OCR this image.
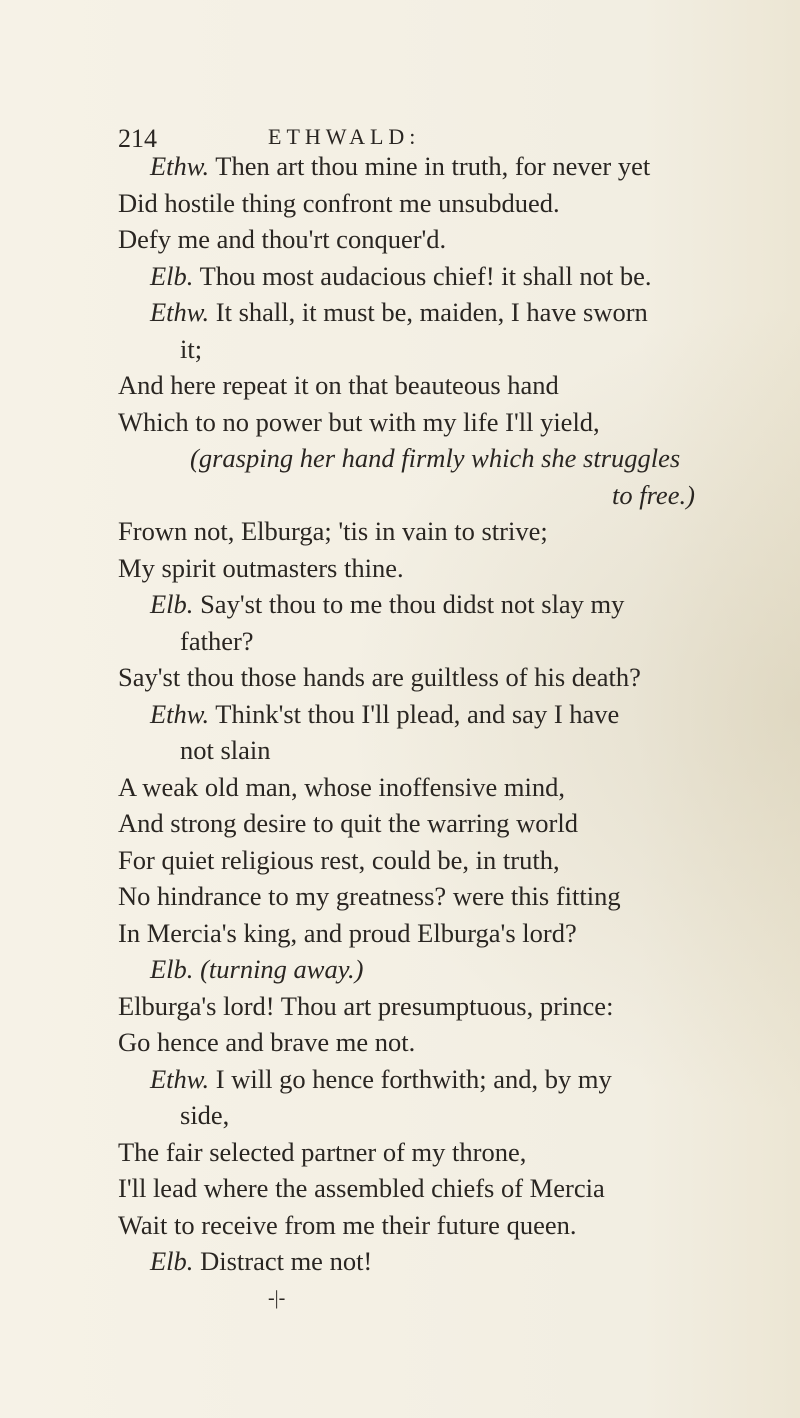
214	ETHWALD:
Ethw. Then art thou mine in truth, for never yet
Did hostile thing confront me unsubdued.
Defy me and thou'rt conquer'd.
Elb. Thou most audacious chief! it shall not be.
Ethw. It shall, it must be, maiden, I have sworn
it;
And here repeat it on that beauteous hand
Which to no power but with my life I'll yield,
(grasping her hand firmly which she struggles
to free.)
Frown not, Elburga; 'tis in vain to strive;
My spirit outmasters thine.
Elb. Say'st thou to me thou didst not slay my
father?
Say'st thou those hands are guiltless of his death?
Ethw. Think'st thou I'll plead, and say I have
not slain
A weak old man, whose inoffensive mind,
And strong desire to quit the warring world
For quiet religious rest, could be, in truth,
No hindrance to my greatness? were this fitting
In Mercia's king, and proud Elburga's lord?
Elb. (turning away.)
Elburga's lord! Thou art presumptuous, prince:
Go hence and brave me not.
Ethw. I will go hence forthwith; and, by my
side,
The fair selected partner of my throne,
I'll lead where the assembled chiefs of Mercia
Wait to receive from me their future queen.
Elb. Distract me not!
-|-
